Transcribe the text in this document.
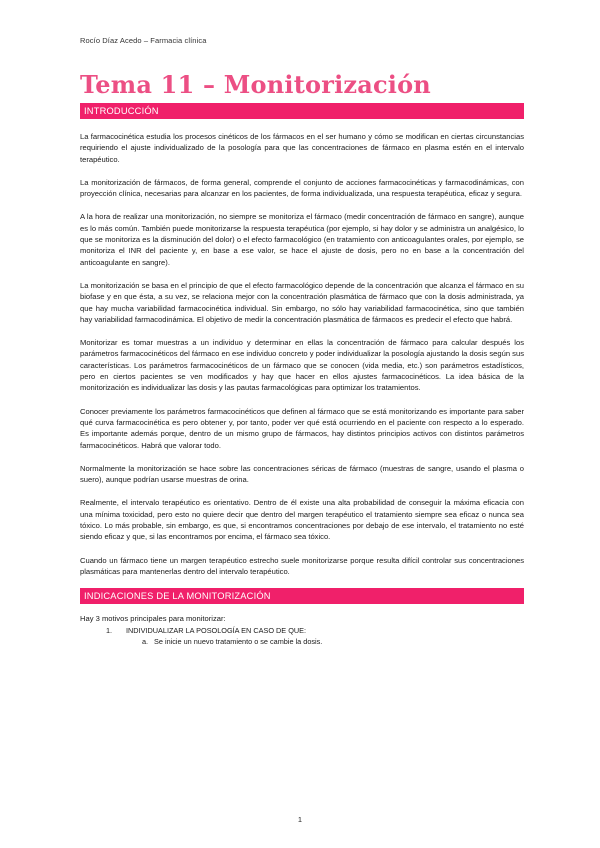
Rocío Díaz Acedo – Farmacia clínica
Tema 11 – Monitorización
INTRODUCCIÓN

La farmacocinética estudia los procesos cinéticos de los fármacos en el ser humano y cómo se modifican en ciertas circunstancias requiriendo el ajuste individualizado de la posología para que las concentraciones de fármaco en plasma estén en el intervalo terapéutico.

La monitorización de fármacos, de forma general, comprende el conjunto de acciones farmacocinéticas y farmacodinámicas, con proyección clínica, necesarias para alcanzar en los pacientes, de forma individualizada, una respuesta terapéutica, eficaz y segura.

A la hora de realizar una monitorización, no siempre se monitoriza el fármaco (medir concentración de fármaco en sangre), aunque es lo más común. También puede monitorizarse la respuesta terapéutica (por ejemplo, si hay dolor y se administra un analgésico, lo que se monitoriza es la disminución del dolor) o el efecto farmacológico (en tratamiento con anticoagulantes orales, por ejemplo, se monitoriza el INR del paciente y, en base a ese valor, se hace el ajuste de dosis, pero no en base a la concentración del anticoagulante en sangre).

La monitorización se basa en el principio de que el efecto farmacológico depende de la concentración que alcanza el fármaco en su biofase y en que ésta, a su vez, se relaciona mejor con la concentración plasmática de fármaco que con la dosis administrada, ya que hay mucha variabilidad farmacocinética individual. Sin embargo, no sólo hay variabilidad farmacocinética, sino que también hay variabilidad farmacodinámica. El objetivo de medir la concentración plasmática de fármacos es predecir el efecto que habrá.

Monitorizar es tomar muestras a un individuo y determinar en ellas la concentración de fármaco para calcular después los parámetros farmacocinéticos del fármaco en ese individuo concreto y poder individualizar la posología ajustando la dosis según sus características. Los parámetros farmacocinéticos de un fármaco que se conocen (vida media, etc.) son parámetros estadísticos, pero en ciertos pacientes se ven modificados y hay que hacer en ellos ajustes farmacocinéticos. La idea básica de la monitorización es individualizar las dosis y las pautas farmacológicas para optimizar los tratamientos.

Conocer previamente los parámetros farmacocinéticos que definen al fármaco que se está monitorizando es importante para saber qué curva farmacocinética es pero obtener y, por tanto, poder ver qué está ocurriendo en el paciente con respecto a lo esperado. Es importante además porque, dentro de un mismo grupo de fármacos, hay distintos principios activos con distintos parámetros farmacocinéticos. Habrá que valorar todo.

Normalmente la monitorización se hace sobre las concentraciones séricas de fármaco (muestras de sangre, usando el plasma o suero), aunque podrían usarse muestras de orina.

Realmente, el intervalo terapéutico es orientativo. Dentro de él existe una alta probabilidad de conseguir la máxima eficacia con una mínima toxicidad, pero esto no quiere decir que dentro del margen terapéutico el tratamiento siempre sea eficaz o nunca sea tóxico. Lo más probable, sin embargo, es que, si encontramos concentraciones por debajo de ese intervalo, el tratamiento no esté siendo eficaz y que, si las encontramos por encima, el fármaco sea tóxico.

Cuando un fármaco tiene un margen terapéutico estrecho suele monitorizarse porque resulta difícil controlar sus concentraciones plasmáticas para mantenerlas dentro del intervalo terapéutico.

INDICACIONES DE LA MONITORIZACIÓN
Hay 3 motivos principales para monitorizar:
1.	INDIVIDUALIZAR LA POSOLOGÍA EN CASO DE QUE:
a. Se inicie un nuevo tratamiento o se cambie la dosis.
1
